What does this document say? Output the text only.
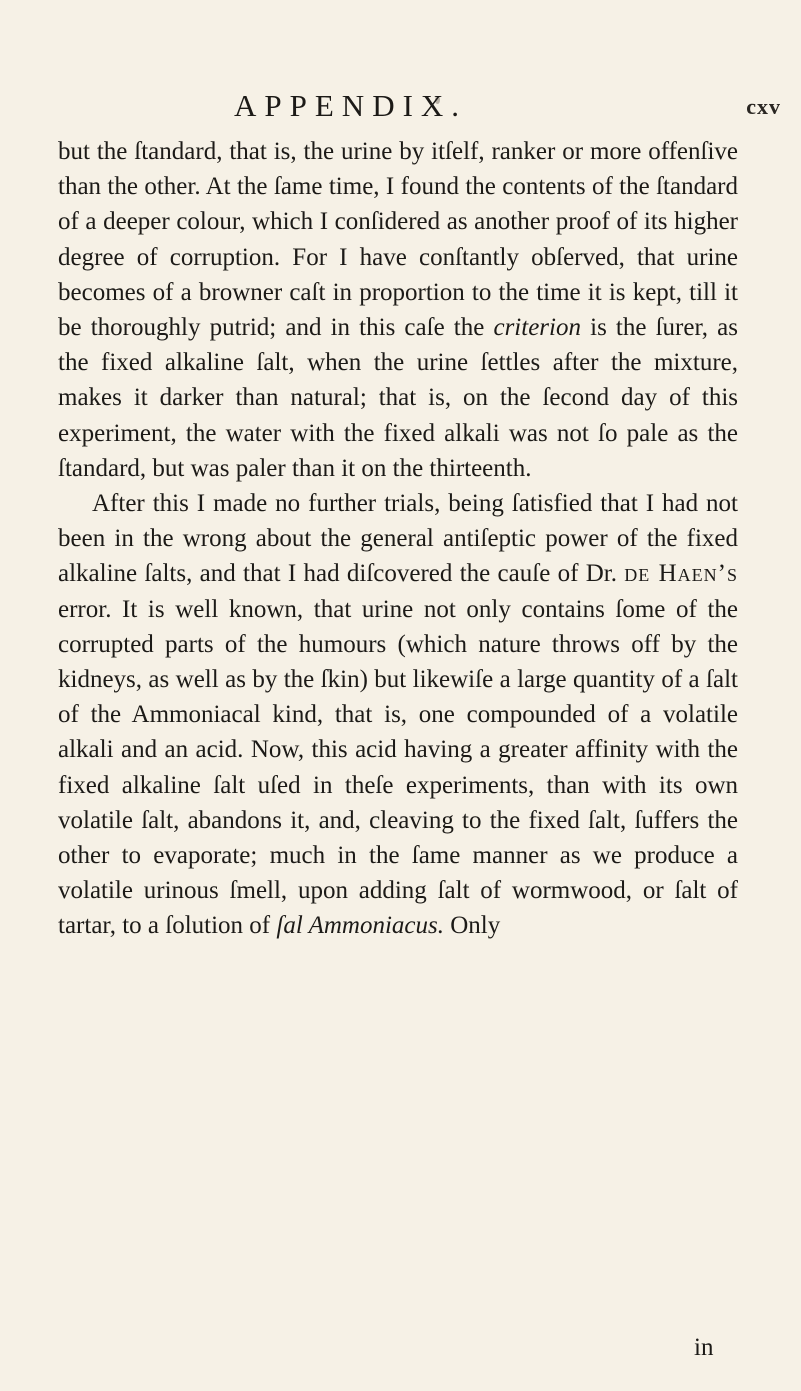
APPENDIX.	cxv

but the ſtandard, that is, the urine by itſelf, ranker or more offenſive than the other. At the ſame time, I found the contents of the ſtandard of a deeper colour, which I conſidered as another proof of its higher degree of corruption. For I have conſtantly obſerved, that urine becomes of a browner caſt in proportion to the time it is kept, till it be thoroughly putrid; and in this caſe the criterion is the ſurer, as the fixed alkaline ſalt, when the urine ſettles after the mixture, makes it darker than natural; that is, on the ſecond day of this experiment, the water with the fixed alkali was not ſo pale as the ſtandard, but was paler than it on the thirteenth.

After this I made no further trials, being ſatisfied that I had not been in the wrong about the general antiſeptic power of the fixed alkaline ſalts, and that I had diſcovered the cauſe of Dr. de Haen’s error. It is well known, that urine not only contains ſome of the corrupted parts of the humours (which nature throws off by the kidneys, as well as by the ſkin) but likewiſe a large quantity of a ſalt of the Ammoniacal kind, that is, one compounded of a volatile alkali and an acid. Now, this acid having a greater affinity with the fixed alkaline ſalt uſed in theſe experiments, than with its own volatile ſalt, abandons it, and, cleaving to the fixed ſalt, ſuffers the other to evaporate; much in the ſame manner as we produce a volatile urinous ſmell, upon adding ſalt of wormwood, or ſalt of tartar, to a ſolution of ſal Ammoniacus. Only

in
